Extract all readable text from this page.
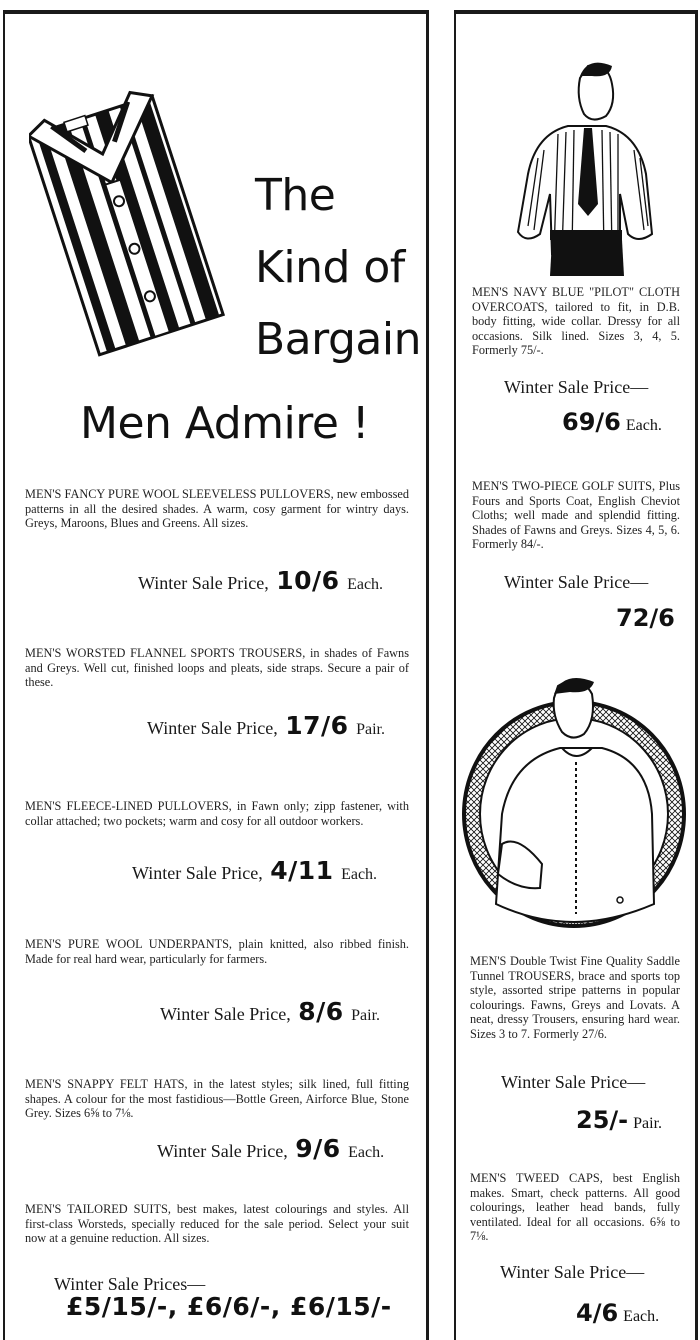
The
Kind of
Bargain
Men Admire !

MEN'S FANCY PURE WOOL SLEEVELESS PULLOVERS, new embossed patterns in all the desired shades. A warm, cosy garment for wintry days. Greys, Maroons, Blues and Greens. All sizes.

Winter Sale Price, 10/6 Each.

MEN'S WORSTED FLANNEL SPORTS TROUSERS, in shades of Fawns and Greys. Well cut, finished loops and pleats, side straps. Secure a pair of these.

Winter Sale Price, 17/6 Pair.

MEN'S FLEECE-LINED PULLOVERS, in Fawn only; zipp fastener, with collar attached; two pockets; warm and cosy for all outdoor workers.

Winter Sale Price, 4/11 Each.

MEN'S PURE WOOL UNDERPANTS, plain knitted, also ribbed finish. Made for real hard wear, particularly for farmers.

Winter Sale Price, 8/6 Pair.

MEN'S SNAPPY FELT HATS, in the latest styles; silk lined, full fitting shapes. A colour for the most fastidious—Bottle Green, Airforce Blue, Stone Grey. Sizes 6⅝ to 7⅛.

Winter Sale Price, 9/6 Each.

MEN'S TAILORED SUITS, best makes, latest colourings and styles. All first-class Worsteds, specially reduced for the sale period. Select your suit now at a genuine reduction. All sizes.

Winter Sale Prices—
£5/15/-, £6/6/-, £6/15/-

MEN'S NAVY BLUE "PILOT" CLOTH OVERCOATS, tailored to fit, in D.B. body fitting, wide collar. Dressy for all occasions. Silk lined. Sizes 3, 4, 5. Formerly 75/-.

Winter Sale Price—
69/6 Each.

MEN'S TWO-PIECE GOLF SUITS, Plus Fours and Sports Coat, English Cheviot Cloths; well made and splendid fitting. Shades of Fawns and Greys. Sizes 4, 5, 6. Formerly 84/-.

Winter Sale Price—
72/6

MEN'S Double Twist Fine Quality Saddle Tunnel TROUSERS, brace and sports top style, assorted stripe patterns in popular colourings. Fawns, Greys and Lovats. A neat, dressy Trousers, ensuring hard wear. Sizes 3 to 7. Formerly 27/6.

Winter Sale Price—
25/- Pair.

MEN'S TWEED CAPS, best English makes. Smart, check patterns. All good colourings, leather head bands, fully ventilated. Ideal for all occasions. 6⅝ to 7⅛.

Winter Sale Price—
4/6 Each.
